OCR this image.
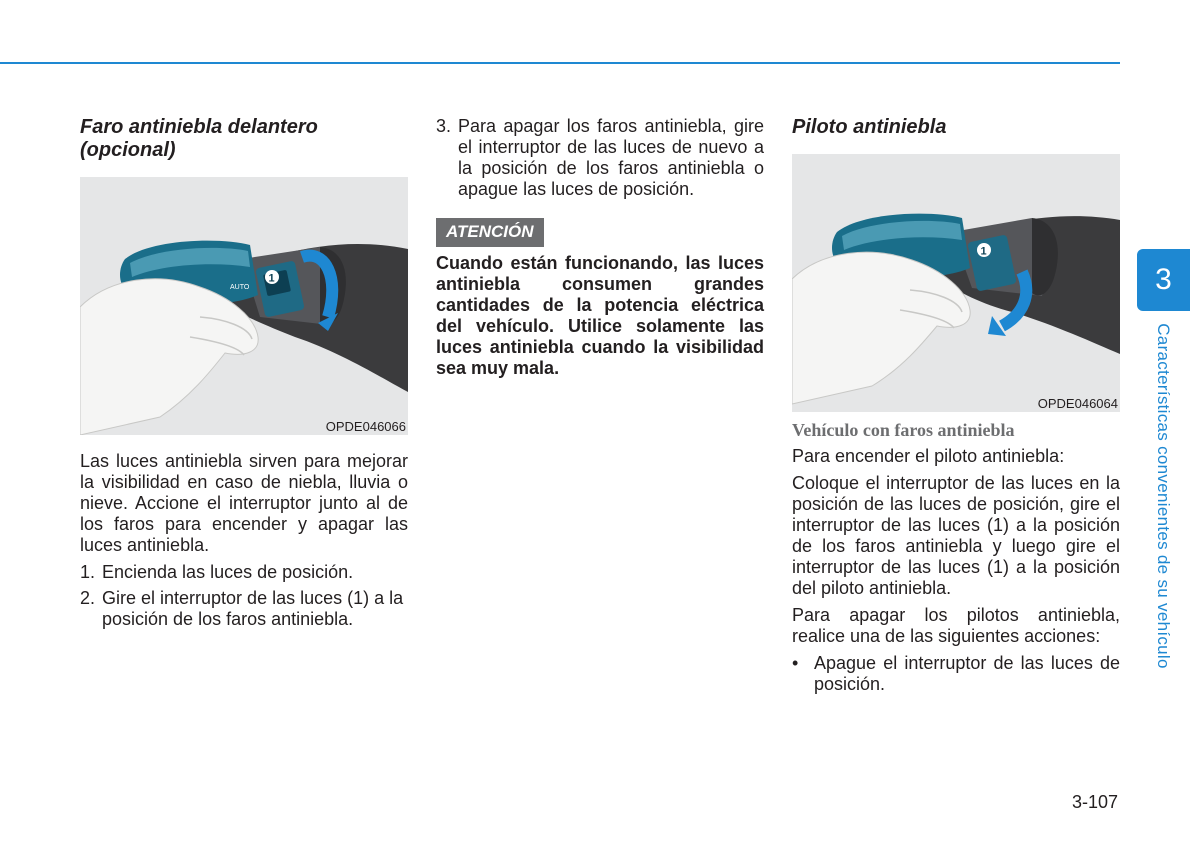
Faro antiniebla delantero
(opcional)
1
AUTO
OPDE046066

Las luces antiniebla sirven para mejorar la visibilidad en caso de niebla, lluvia o nieve. Accione el interruptor junto al de los faros para encender y apagar las luces antiniebla.

1. Encienda las luces de posición.
2. Gire el interruptor de las luces (1) a la posición de los faros antiniebla.
3. Para apagar los faros antiniebla, gire el interruptor de las luces de nuevo a la posición de los faros antiniebla o apague las luces de posición.
ATENCIÓN

Cuando están funcionando, las luces antiniebla consumen grandes cantidades de la potencia eléctrica del vehículo. Utilice solamente las luces antiniebla cuando la visibilidad sea muy mala.

Piloto antiniebla
1
OPDE046064

Vehículo con faros antiniebla

Para encender el piloto antiniebla:

Coloque el interruptor de las luces en la posición de las luces de posición, gire el interruptor de las luces (1) a la posición de los faros antiniebla y luego gire el interruptor de las luces (1) a la posición del piloto antiniebla.

Para apagar los pilotos antiniebla, realice una de las siguientes acciones:

• Apague el interruptor de las luces de posición.
3
Características convenientes de su vehículo
3-107
